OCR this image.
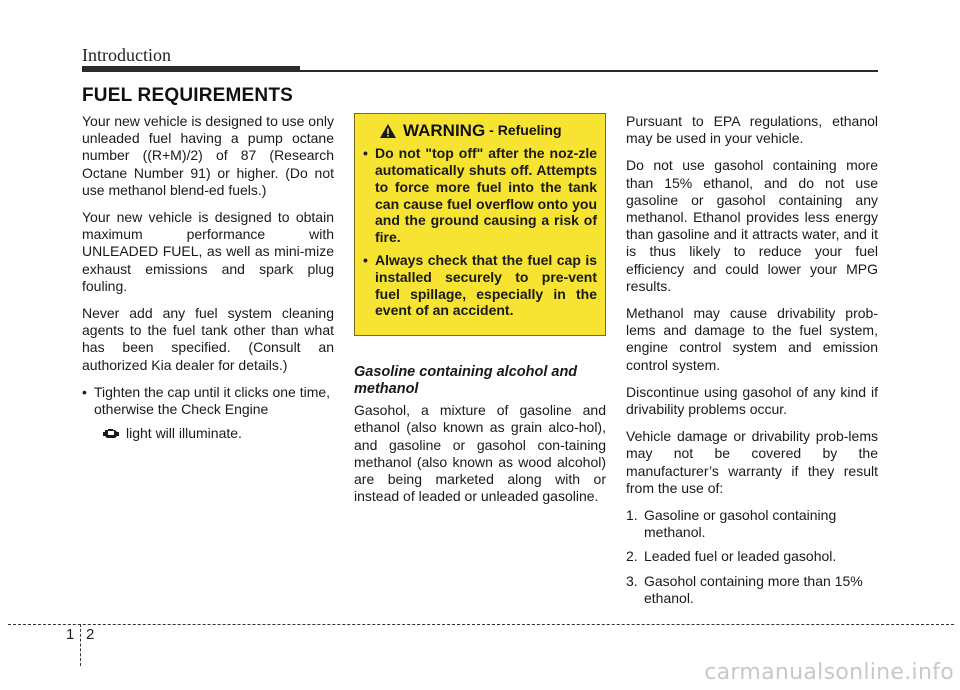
Introduction
FUEL REQUIREMENTS

Your new vehicle is designed to use only unleaded fuel having a pump octane number ((R+M)/2) of 87 (Research Octane Number 91) or higher. (Do not use methanol blend-ed fuels.)

Your new vehicle is designed to obtain maximum performance with UNLEADED FUEL, as well as mini-mize exhaust emissions and spark plug fouling.

Never add any fuel system cleaning agents to the fuel tank other than what has been specified. (Consult an authorized Kia dealer for details.)

• Tighten the cap until it clicks one time, otherwise the Check Engine
light will illuminate.
WARNING - Refueling
• Do not "top off" after the noz-zle automatically shuts off. Attempts to force more fuel into the tank can cause fuel overflow onto you and the ground causing a risk of fire.
• Always check that the fuel cap is installed securely to pre-vent fuel spillage, especially in the event of an accident.
Gasoline containing alcohol and methanol

Gasohol, a mixture of gasoline and ethanol (also known as grain alco-hol), and gasoline or gasohol con-taining methanol (also known as wood alcohol) are being marketed along with or instead of leaded or unleaded gasoline.

Pursuant to EPA regulations, ethanol may be used in your vehicle.

Do not use gasohol containing more than 15% ethanol, and do not use gasoline or gasohol containing any methanol. Ethanol provides less energy than gasoline and it attracts water, and it is thus likely to reduce your fuel efficiency and could lower your MPG results.

Methanol may cause drivability prob-lems and damage to the fuel system, engine control system and emission control system.

Discontinue using gasohol of any kind if drivability problems occur.

Vehicle damage or drivability prob-lems may not be covered by the manufacturer’s warranty if they result from the use of:

1. Gasoline or gasohol containing methanol.
2. Leaded fuel or leaded gasohol.
3. Gasohol containing more than 15% ethanol.
1 2
carmanualsonline.info
